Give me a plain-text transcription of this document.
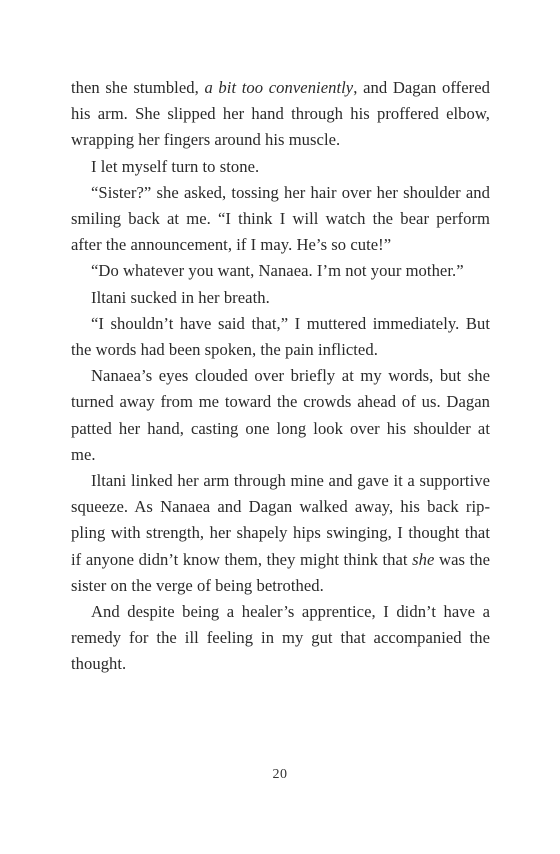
then she stumbled, a bit too conveniently, and Dagan offered his arm. She slipped her hand through his proffered elbow, wrapping her fingers around his muscle.

I let myself turn to stone.

“Sister?” she asked, tossing her hair over her shoulder and smiling back at me. “I think I will watch the bear perform after the announcement, if I may. He’s so cute!”

“Do whatever you want, Nanaea. I’m not your mother.”

Iltani sucked in her breath.

“I shouldn’t have said that,” I muttered immediately. But the words had been spoken, the pain inflicted.

Nanaea’s eyes clouded over briefly at my words, but she turned away from me toward the crowds ahead of us. Dagan patted her hand, casting one long look over his shoulder at me.

Iltani linked her arm through mine and gave it a supportive squeeze. As Nanaea and Dagan walked away, his back rippling with strength, her shapely hips swinging, I thought that if anyone didn’t know them, they might think that she was the sister on the verge of being betrothed.

And despite being a healer’s apprentice, I didn’t have a remedy for the ill feeling in my gut that accompanied the thought.

20
